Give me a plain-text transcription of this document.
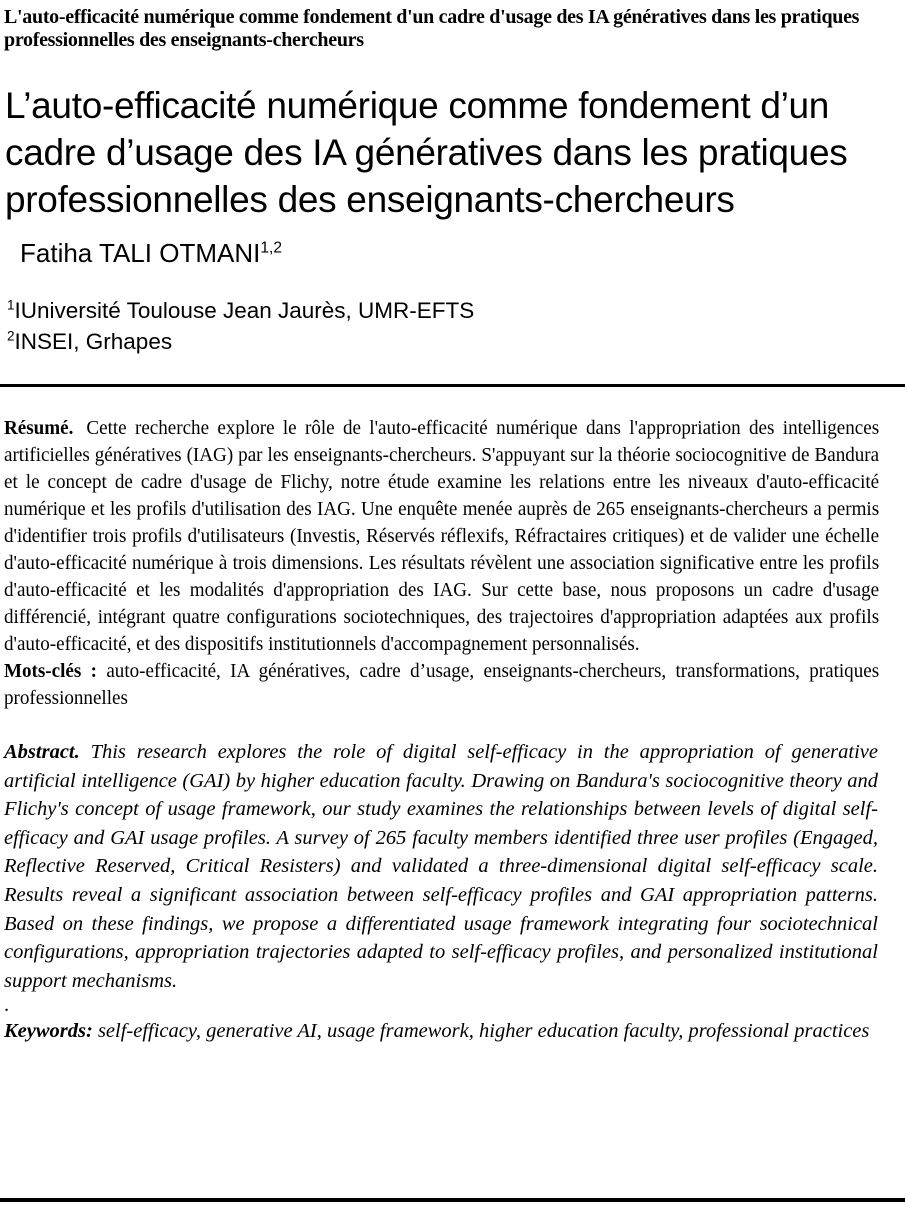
L'auto-efficacité numérique comme fondement d'un cadre d'usage des IA génératives dans les pratiques professionnelles des enseignants-chercheurs
L’auto-efficacité numérique comme fondement d’un cadre d’usage des IA génératives dans les pratiques professionnelles des enseignants-chercheurs
Fatiha TALI OTMANI$^{1,2}$
$^1$IUniversité Toulouse Jean Jaurès, UMR-EFTS
$^2$INSEI, Grhapes

Résumé. Cette recherche explore le rôle de l'auto-efficacité numérique dans l'appropriation des intelligences artificielles génératives (IAG) par les enseignants-chercheurs. S'appuyant sur la théorie sociocognitive de Bandura et le concept de cadre d'usage de Flichy, notre étude examine les relations entre les niveaux d'auto-efficacité numérique et les profils d'utilisation des IAG. Une enquête menée auprès de 265 enseignants-chercheurs a permis d'identifier trois profils d'utilisateurs (Investis, Réservés réflexifs, Réfractaires critiques) et de valider une échelle d'auto-efficacité numérique à trois dimensions. Les résultats révèlent une association significative entre les profils d'auto-efficacité et les modalités d'appropriation des IAG. Sur cette base, nous proposons un cadre d'usage différencié, intégrant quatre configurations sociotechniques, des trajectoires d'appropriation adaptées aux profils d'auto-efficacité, et des dispositifs institutionnels d'accompagnement personnalisés.

Mots-clés : auto-efficacité, IA génératives, cadre d’usage, enseignants-chercheurs, transformations, pratiques professionnelles

Abstract. This research explores the role of digital self-efficacy in the appropriation of generative artificial intelligence (GAI) by higher education faculty. Drawing on Bandura's sociocognitive theory and Flichy's concept of usage framework, our study examines the relationships between levels of digital self-efficacy and GAI usage profiles. A survey of 265 faculty members identified three user profiles (Engaged, Reflective Reserved, Critical Resisters) and validated a three-dimensional digital self-efficacy scale. Results reveal a significant association between self-efficacy profiles and GAI appropriation patterns. Based on these findings, we propose a differentiated usage framework integrating four sociotechnical configurations, appropriation trajectories adapted to self-efficacy profiles, and personalized institutional support mechanisms.

.

Keywords: self-efficacy, generative AI, usage framework, higher education faculty, professional practices
